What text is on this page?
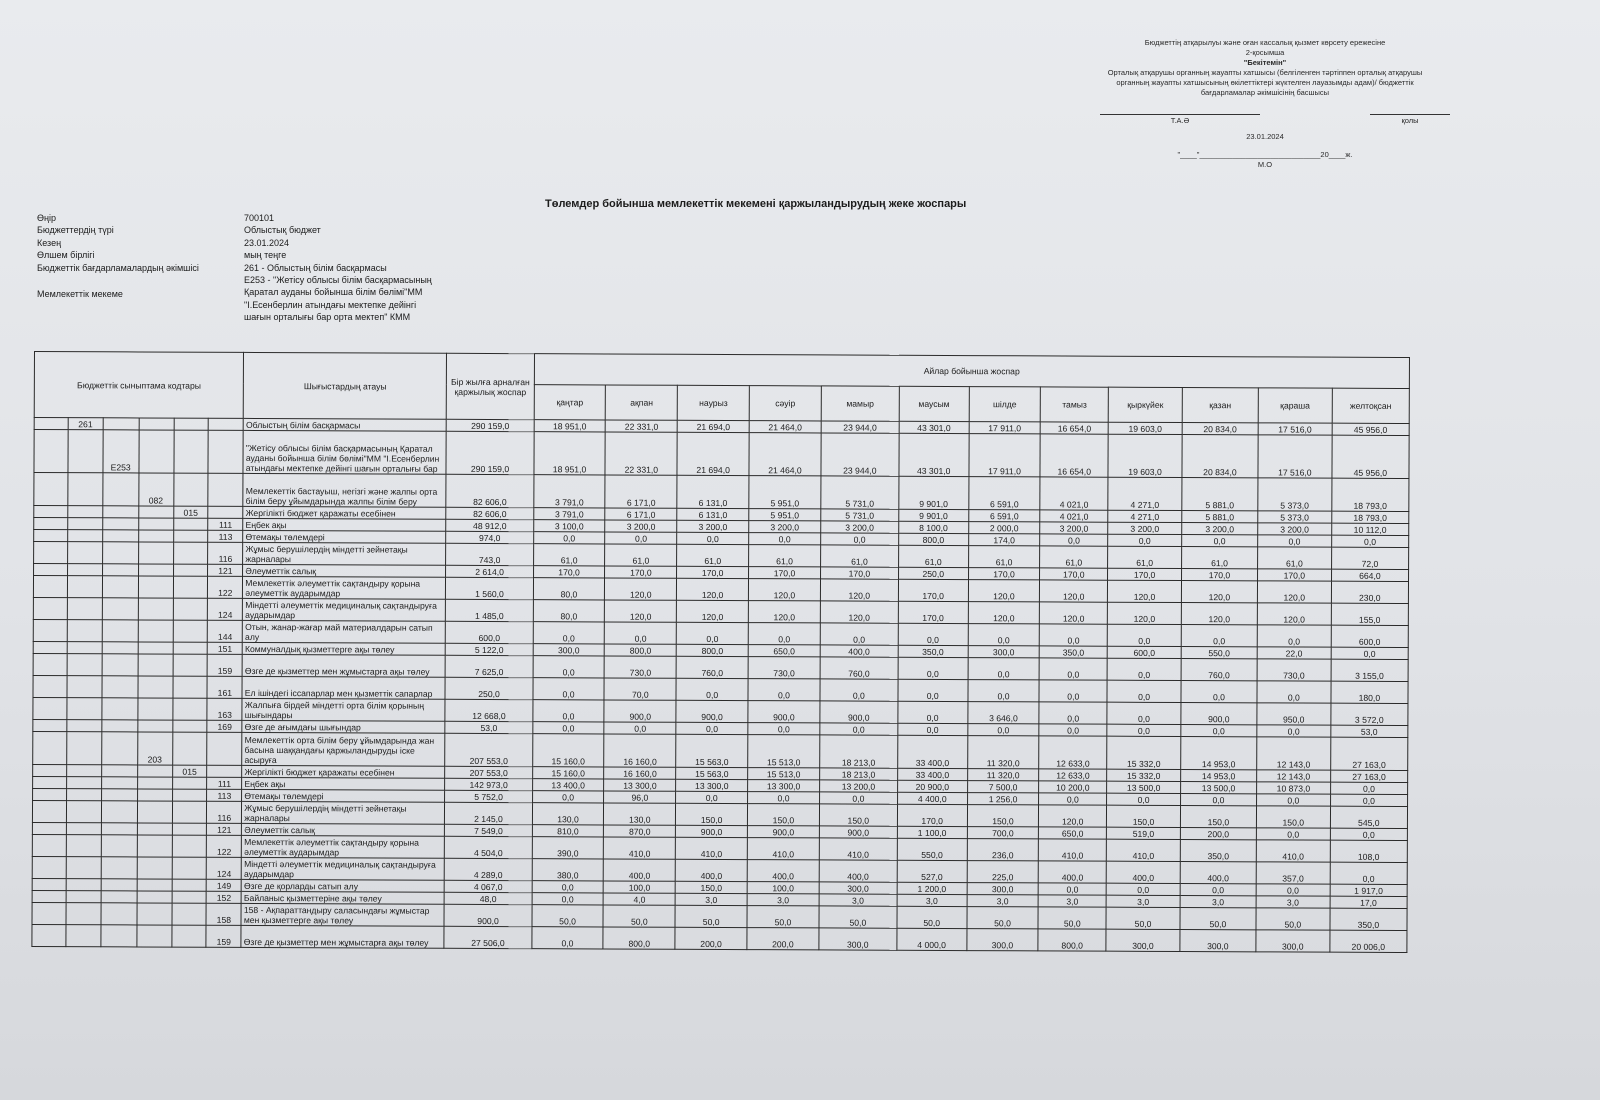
Бюджеттің атқарылуы және оған кассалық қызмет көрсету ережесіне
2-қосымша
"Бекітемін"
Орталық атқарушы органның жауапты хатшысы (белгіленген тәртіппен орталық атқарушы органның жауапты хатшысының өкілеттіктері жүктелген лауазымды адам)/ бюджеттік бағдарламалар әкімшісінің басшысы
Т.А.Ә	қолы
23.01.2024
"____"_____________________________20____ж.
М.О
Төлемдер бойынша мемлекеттік мекемені қаржыландырудың жеке жоспары
Өңір	700101
Бюджеттердің түрі	Облыстық бюджет
Кезең	23.01.2024
Өлшем бірлігі	мың теңге
Бюджеттік бағдарламалардың әкімшісі	261 - Облыстың білім басқармасы
Мемлекеттік мекеме
E253 - "Жетісу облысы білім басқармасының Қаратал ауданы бойынша білім бөлімі"ММ "І.Есенберлин атындағы мектепке дейінгі шағын орталығы бар орта мектеп" КММ
Бюджеттік сыныптама кодтары						Шығыстардың атауы	Бір жылға арналған қаржылық жоспар	Айлар бойынша жоспар											
								қаңтар	ақпан	наурыз	сәуір	мамыр	маусым	шілде	тамыз	қыркүйек	қазан	қараша	желтоқсан
	261					Облыстың білім басқармасы	290 159,0	18 951,0	22 331,0	21 694,0	21 464,0	23 944,0	43 301,0	17 911,0	16 654,0	19 603,0	20 834,0	17 516,0	45 956,0
		E253				"Жетісу облысы білім басқармасының Қаратал ауданы бойынша білім бөлімі"ММ "І.Есенберлин атындағы мектепке дейінгі шағын орталығы бар	290 159,0	18 951,0	22 331,0	21 694,0	21 464,0	23 944,0	43 301,0	17 911,0	16 654,0	19 603,0	20 834,0	17 516,0	45 956,0
			082			Мемлекеттік бастауыш, негізгі және жалпы орта білім беру ұйымдарында жалпы білім беру	82 606,0	3 791,0	6 171,0	6 131,0	5 951,0	5 731,0	9 901,0	6 591,0	4 021,0	4 271,0	5 881,0	5 373,0	18 793,0
				015		Жергілікті бюджет қаражаты есебінен	82 606,0	3 791,0	6 171,0	6 131,0	5 951,0	5 731,0	9 901,0	6 591,0	4 021,0	4 271,0	5 881,0	5 373,0	18 793,0
					111	Еңбек ақы	48 912,0	3 100,0	3 200,0	3 200,0	3 200,0	3 200,0	8 100,0	2 000,0	3 200,0	3 200,0	3 200,0	3 200,0	10 112,0
					113	Өтемақы төлемдері	974,0	0,0	0,0	0,0	0,0	0,0	800,0	174,0	0,0	0,0	0,0	0,0	0,0
					116	Жұмыс берушілердің міндетті зейнетақы жарналары	743,0	61,0	61,0	61,0	61,0	61,0	61,0	61,0	61,0	61,0	61,0	61,0	72,0
					121	Әлеуметтік салық	2 614,0	170,0	170,0	170,0	170,0	170,0	250,0	170,0	170,0	170,0	170,0	170,0	664,0
					122	Мемлекеттік әлеуметтік сақтандыру қорына әлеуметтік аударымдар	1 560,0	80,0	120,0	120,0	120,0	120,0	170,0	120,0	120,0	120,0	120,0	120,0	230,0
					124	Міндетті әлеуметтік медициналық сақтандыруға аударымдар	1 485,0	80,0	120,0	120,0	120,0	120,0	170,0	120,0	120,0	120,0	120,0	120,0	155,0
					144	Отын, жанар-жағар май материалдарын сатып алу	600,0	0,0	0,0	0,0	0,0	0,0	0,0	0,0	0,0	0,0	0,0	0,0	600,0
					151	Коммуналдық қызметтерге ақы төлеу	5 122,0	300,0	800,0	800,0	650,0	400,0	350,0	300,0	350,0	600,0	550,0	22,0	0,0
					159	Өзге де қызметтер мен жұмыстарға ақы төлеу	7 625,0	0,0	730,0	760,0	730,0	760,0	0,0	0,0	0,0	0,0	760,0	730,0	3 155,0
					161	Ел ішіндегі іссапарлар мен қызметтік сапарлар	250,0	0,0	70,0	0,0	0,0	0,0	0,0	0,0	0,0	0,0	0,0	0,0	180,0
					163	Жалпыға бірдей міндетті орта білім қорының шығындары	12 668,0	0,0	900,0	900,0	900,0	900,0	0,0	3 646,0	0,0	0,0	900,0	950,0	3 572,0
					169	Өзге де ағымдағы шығындар	53,0	0,0	0,0	0,0	0,0	0,0	0,0	0,0	0,0	0,0	0,0	0,0	53,0
			203			Мемлекеттік орта білім беру ұйымдарында жан басына шаққандағы қаржыландыруды іске асыруға	207 553,0	15 160,0	16 160,0	15 563,0	15 513,0	18 213,0	33 400,0	11 320,0	12 633,0	15 332,0	14 953,0	12 143,0	27 163,0
				015		Жергілікті бюджет қаражаты есебінен	207 553,0	15 160,0	16 160,0	15 563,0	15 513,0	18 213,0	33 400,0	11 320,0	12 633,0	15 332,0	14 953,0	12 143,0	27 163,0
					111	Еңбек ақы	142 973,0	13 400,0	13 300,0	13 300,0	13 300,0	13 200,0	20 900,0	7 500,0	10 200,0	13 500,0	13 500,0	10 873,0	0,0
					113	Өтемақы төлемдері	5 752,0	0,0	96,0	0,0	0,0	0,0	4 400,0	1 256,0	0,0	0,0	0,0	0,0	0,0
					116	Жұмыс берушілердің міндетті зейнетақы жарналары	2 145,0	130,0	130,0	150,0	150,0	150,0	170,0	150,0	120,0	150,0	150,0	150,0	545,0
					121	Әлеуметтік салық	7 549,0	810,0	870,0	900,0	900,0	900,0	1 100,0	700,0	650,0	519,0	200,0	0,0	0,0
					122	Мемлекеттік әлеуметтік сақтандыру қорына әлеуметтік аударымдар	4 504,0	390,0	410,0	410,0	410,0	410,0	550,0	236,0	410,0	410,0	350,0	410,0	108,0
					124	Міндетті әлеуметтік медициналық сақтандыруға аударымдар	4 289,0	380,0	400,0	400,0	400,0	400,0	527,0	225,0	400,0	400,0	400,0	357,0	0,0
					149	Өзге де қорларды сатып алу	4 067,0	0,0	100,0	150,0	100,0	300,0	1 200,0	300,0	0,0	0,0	0,0	0,0	1 917,0
					152	Байланыс қызметтеріне ақы төлеу	48,0	0,0	4,0	3,0	3,0	3,0	3,0	3,0	3,0	3,0	3,0	3,0	17,0
					158	158 - Ақпараттандыру саласындағы жұмыстар мен қызметтерге ақы төлеу	900,0	50,0	50,0	50,0	50,0	50,0	50,0	50,0	50,0	50,0	50,0	50,0	350,0
					159	Өзге де қызметтер мен жұмыстарға ақы төлеу	27 506,0	0,0	800,0	200,0	200,0	300,0	4 000,0	300,0	800,0	300,0	300,0	300,0	20 006,0
